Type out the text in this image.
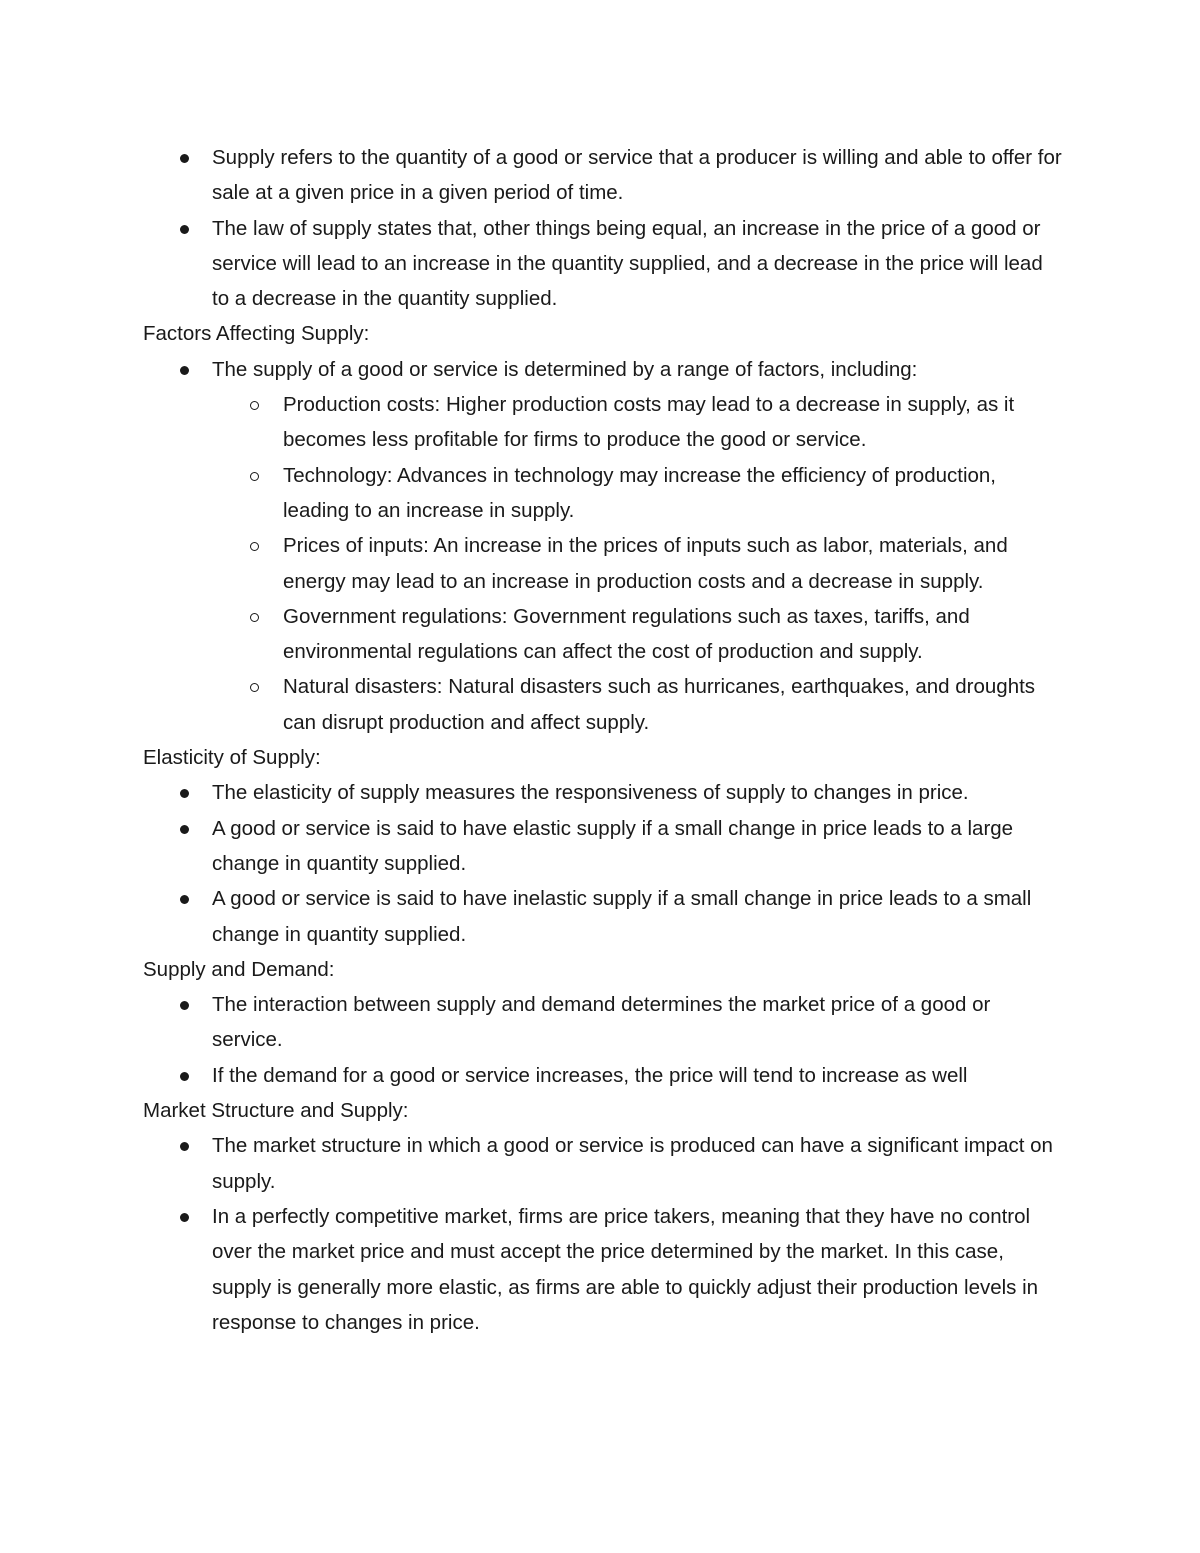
Supply refers to the quantity of a good or service that a producer is willing and able to offer for sale at a given price in a given period of time.
The law of supply states that, other things being equal, an increase in the price of a good or service will lead to an increase in the quantity supplied, and a decrease in the price will lead to a decrease in the quantity supplied.

Factors Affecting Supply:

The supply of a good or service is determined by a range of factors, including:
Production costs: Higher production costs may lead to a decrease in supply, as it becomes less profitable for firms to produce the good or service.
Technology: Advances in technology may increase the efficiency of production, leading to an increase in supply.
Prices of inputs: An increase in the prices of inputs such as labor, materials, and energy may lead to an increase in production costs and a decrease in supply.
Government regulations: Government regulations such as taxes, tariffs, and environmental regulations can affect the cost of production and supply.
Natural disasters: Natural disasters such as hurricanes, earthquakes, and droughts can disrupt production and affect supply.

Elasticity of Supply:

The elasticity of supply measures the responsiveness of supply to changes in price.
A good or service is said to have elastic supply if a small change in price leads to a large change in quantity supplied.
A good or service is said to have inelastic supply if a small change in price leads to a small change in quantity supplied.

Supply and Demand:

The interaction between supply and demand determines the market price of a good or service.
If the demand for a good or service increases, the price will tend to increase as well

Market Structure and Supply:

The market structure in which a good or service is produced can have a significant impact on supply.
In a perfectly competitive market, firms are price takers, meaning that they have no control over the market price and must accept the price determined by the market. In this case, supply is generally more elastic, as firms are able to quickly adjust their production levels in response to changes in price.
